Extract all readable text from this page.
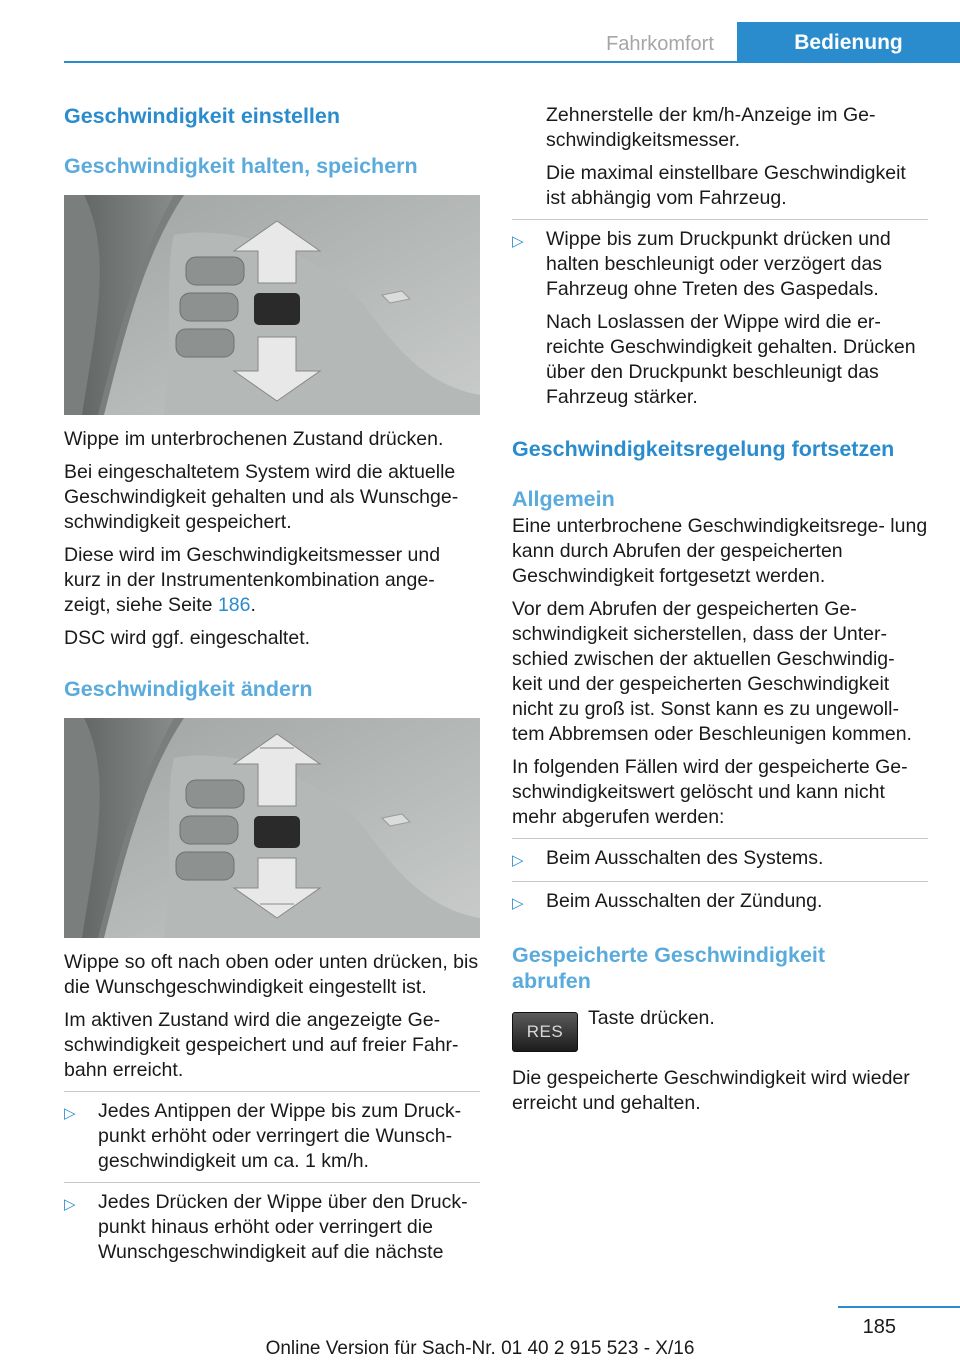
Fahrkomfort	Bedienung
Geschwindigkeit einstellen
Geschwindigkeit halten, speichern

Wippe im unterbrochenen Zustand drücken.

Bei eingeschaltetem System wird die aktuelle Geschwindigkeit gehalten und als Wunschge- schwindigkeit gespeichert.

Diese wird im Geschwindigkeitsmesser und kurz in der Instrumentenkombination ange- zeigt, siehe Seite 186.

DSC wird ggf. eingeschaltet.

Geschwindigkeit ändern

Wippe so oft nach oben oder unten drücken, bis die Wunschgeschwindigkeit eingestellt ist.

Im aktiven Zustand wird die angezeigte Ge- schwindigkeit gespeichert und auf freier Fahr- bahn erreicht.

▷	Jedes Antippen der Wippe bis zum Druck- punkt erhöht oder verringert die Wunsch- geschwindigkeit um ca. 1 km/h.
▷	Jedes Drücken der Wippe über den Druck- punkt hinaus erhöht oder verringert die Wunschgeschwindigkeit auf die nächste

Zehnerstelle der km/h-Anzeige im Ge- schwindigkeitsmesser.

Die maximal einstellbare Geschwindigkeit ist abhängig vom Fahrzeug.

▷	Wippe bis zum Druckpunkt drücken und halten beschleunigt oder verzögert das Fahrzeug ohne Treten des Gaspedals.

Nach Loslassen der Wippe wird die er- reichte Geschwindigkeit gehalten. Drücken über den Druckpunkt beschleunigt das Fahrzeug stärker.

Geschwindigkeitsregelung fortsetzen
Allgemein

Eine unterbrochene Geschwindigkeitsrege- lung kann durch Abrufen der gespeicherten Geschwindigkeit fortgesetzt werden.

Vor dem Abrufen der gespeicherten Ge- schwindigkeit sicherstellen, dass der Unter- schied zwischen der aktuellen Geschwindig- keit und der gespeicherten Geschwindigkeit nicht zu groß ist. Sonst kann es zu ungewoll- tem Abbremsen oder Beschleunigen kommen.

In folgenden Fällen wird der gespeicherte Ge- schwindigkeitswert gelöscht und kann nicht mehr abgerufen werden:

▷	Beim Ausschalten des Systems.
▷	Beim Ausschalten der Zündung.
Gespeicherte Geschwindigkeit abrufen
RES
Taste drücken.

Die gespeicherte Geschwindigkeit wird wieder erreicht und gehalten.

185
Online Version für Sach-Nr. 01 40 2 915 523 - X/16
